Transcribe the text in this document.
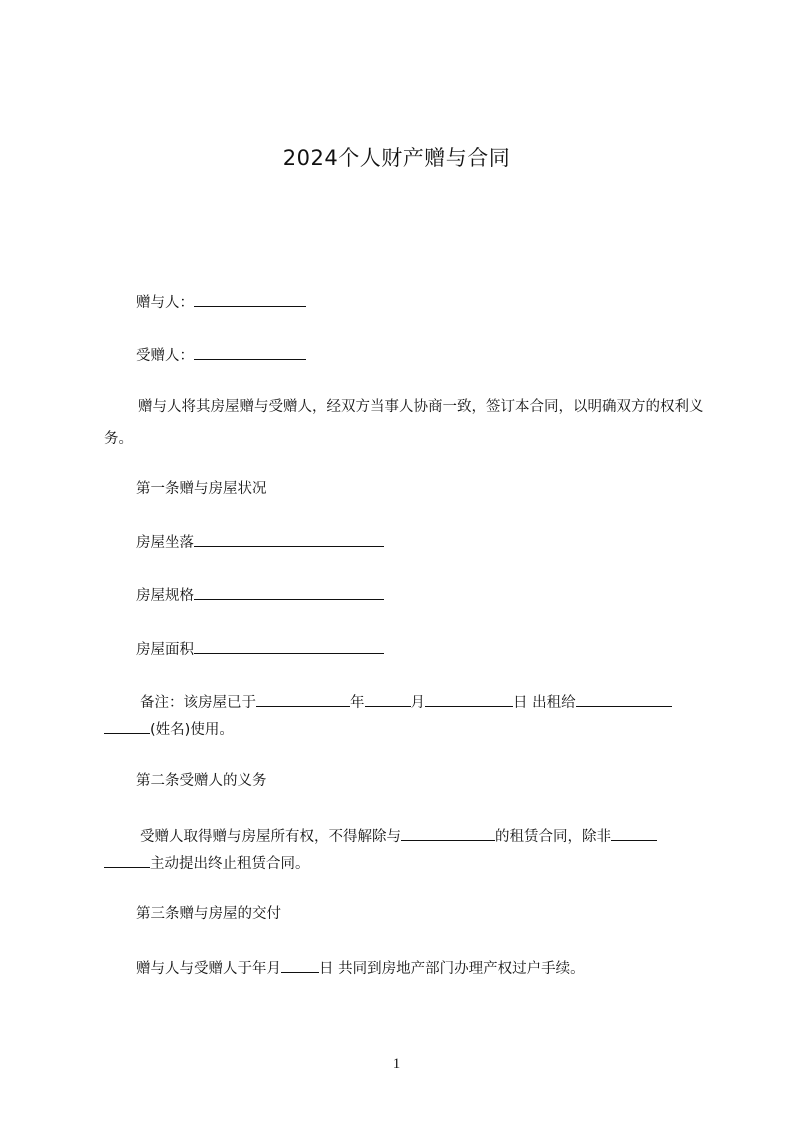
2024个人财产赠与合同
赠与人：
受赠人：
赠与人将其房屋赠与受赠人，经双方当事人协商一致，签订本合同，以明确双方的权利义务。
第一条赠与房屋状况
房屋坐落
房屋规格
房屋面积
备注：该房屋已于	年	月	日 出租给
(姓名)使用。
第二条受赠人的义务
受赠人取得赠与房屋所有权，不得解除与	的租赁合同，除非
主动提出终止租赁合同。
第三条赠与房屋的交付
赠与人与受赠人于年月	日 共同到房地产部门办理产权过户手续。
1
